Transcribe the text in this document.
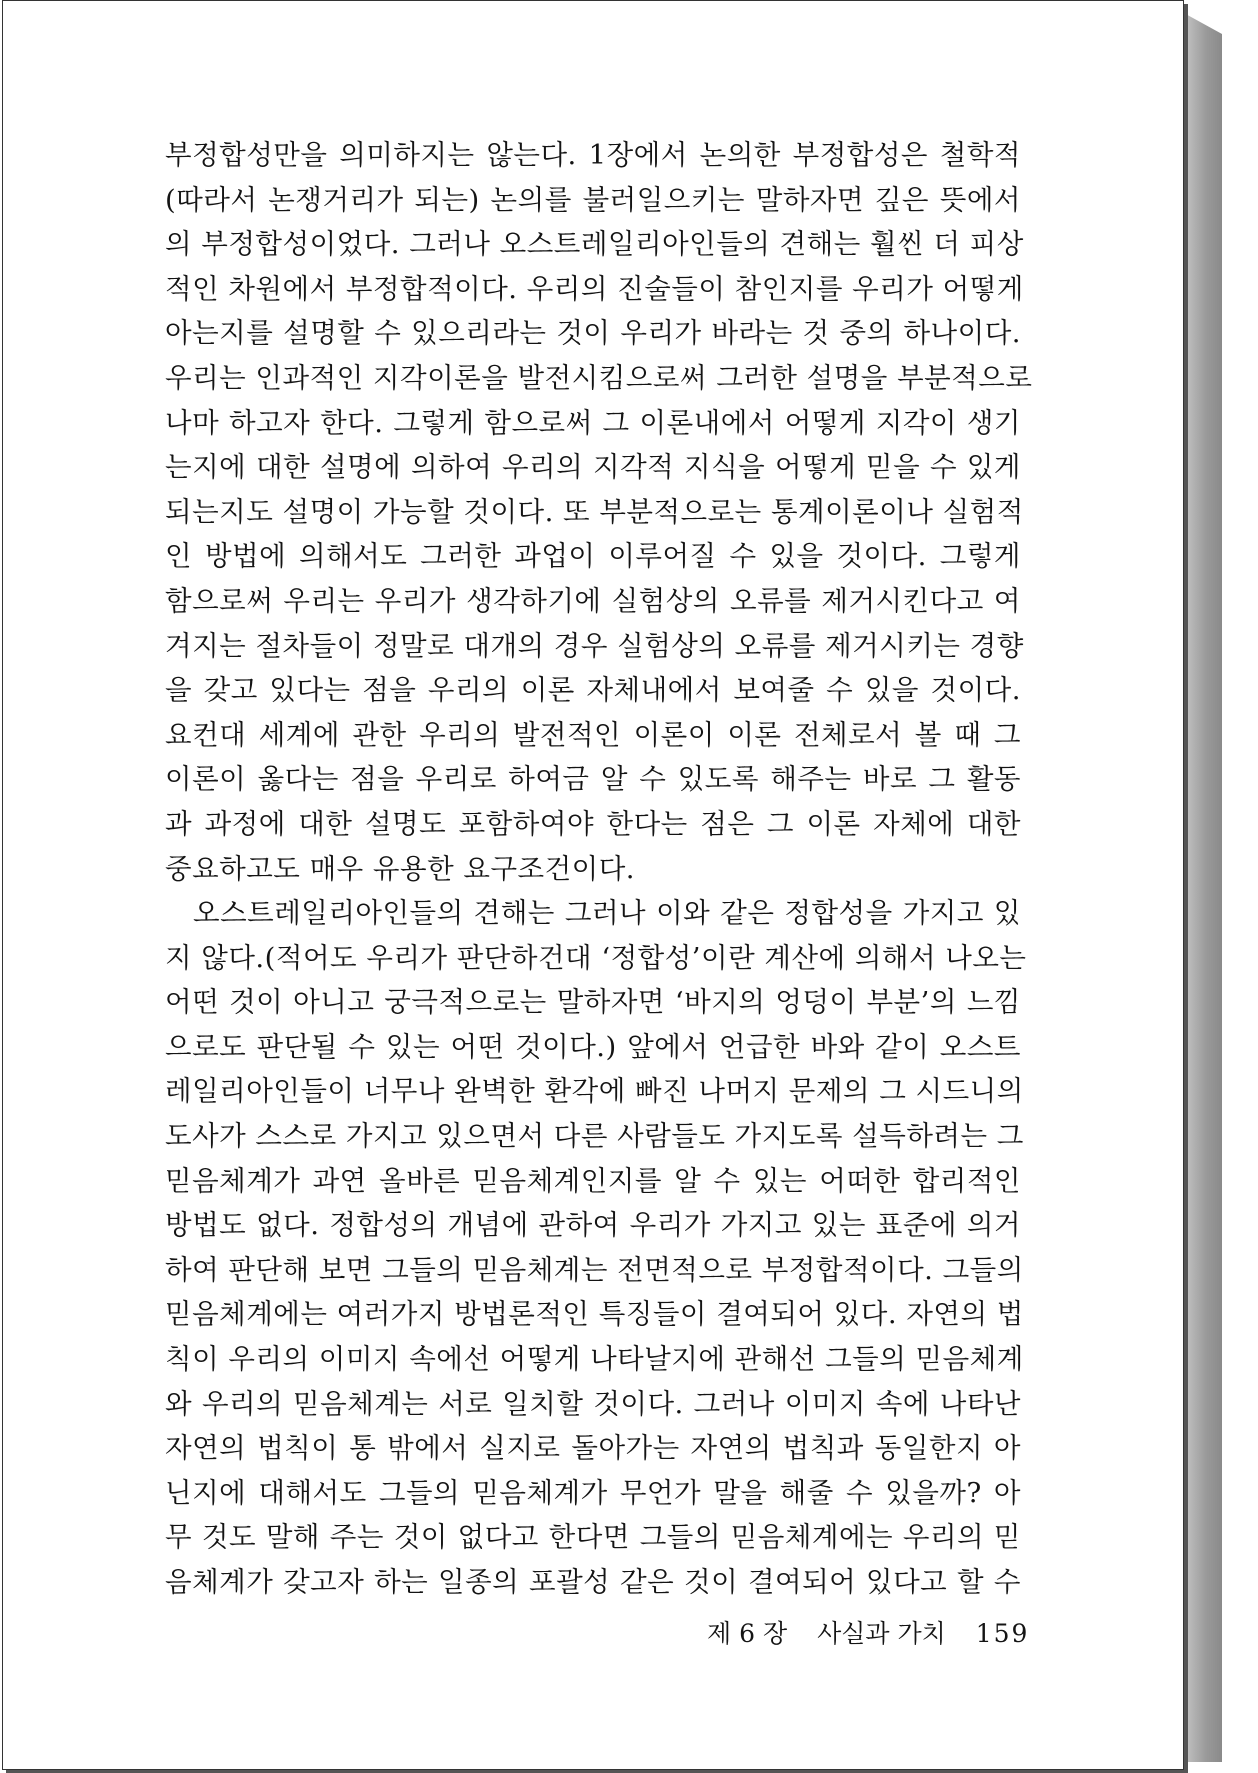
부정합성만을 의미하지는 않는다. 1장에서 논의한 부정합성은 철학적
(따라서 논쟁거리가 되는) 논의를 불러일으키는 말하자면 깊은 뜻에서
의 부정합성이었다. 그러나 오스트레일리아인들의 견해는 훨씬 더 피상
적인 차원에서 부정합적이다. 우리의 진술들이 참인지를 우리가 어떻게
아는지를 설명할 수 있으리라는 것이 우리가 바라는 것 중의 하나이다.
우리는 인과적인 지각이론을 발전시킴으로써 그러한 설명을 부분적으로
나마 하고자 한다. 그렇게 함으로써 그 이론내에서 어떻게 지각이 생기
는지에 대한 설명에 의하여 우리의 지각적 지식을 어떻게 믿을 수 있게
되는지도 설명이 가능할 것이다. 또 부분적으로는 통계이론이나 실험적
인 방법에 의해서도 그러한 과업이 이루어질 수 있을 것이다. 그렇게
함으로써 우리는 우리가 생각하기에 실험상의 오류를 제거시킨다고 여
겨지는 절차들이 정말로 대개의 경우 실험상의 오류를 제거시키는 경향
을 갖고 있다는 점을 우리의 이론 자체내에서 보여줄 수 있을 것이다.
요컨대 세계에 관한 우리의 발전적인 이론이 이론 전체로서 볼 때 그
이론이 옳다는 점을 우리로 하여금 알 수 있도록 해주는 바로 그 활동
과 과정에 대한 설명도 포함하여야 한다는 점은 그 이론 자체에 대한
중요하고도 매우 유용한 요구조건이다.
오스트레일리아인들의 견해는 그러나 이와 같은 정합성을 가지고 있
지 않다.(적어도 우리가 판단하건대 ‘정합성’이란 계산에 의해서 나오는
어떤 것이 아니고 궁극적으로는 말하자면 ‘바지의 엉덩이 부분’의 느낌
으로도 판단될 수 있는 어떤 것이다.) 앞에서 언급한 바와 같이 오스트
레일리아인들이 너무나 완벽한 환각에 빠진 나머지 문제의 그 시드니의
도사가 스스로 가지고 있으면서 다른 사람들도 가지도록 설득하려는 그
믿음체계가 과연 올바른 믿음체계인지를 알 수 있는 어떠한 합리적인
방법도 없다. 정합성의 개념에 관하여 우리가 가지고 있는 표준에 의거
하여 판단해 보면 그들의 믿음체계는 전면적으로 부정합적이다. 그들의
믿음체계에는 여러가지 방법론적인 특징들이 결여되어 있다. 자연의 법
칙이 우리의 이미지 속에선 어떻게 나타날지에 관해선 그들의 믿음체계
와 우리의 믿음체계는 서로 일치할 것이다. 그러나 이미지 속에 나타난
자연의 법칙이 통 밖에서 실지로 돌아가는 자연의 법칙과 동일한지 아
닌지에 대해서도 그들의 믿음체계가 무언가 말을 해줄 수 있을까? 아
무 것도 말해 주는 것이 없다고 한다면 그들의 믿음체계에는 우리의 믿
음체계가 갖고자 하는 일종의 포괄성 같은 것이 결여되어 있다고 할 수
제 6 장 사실과 가치 159
